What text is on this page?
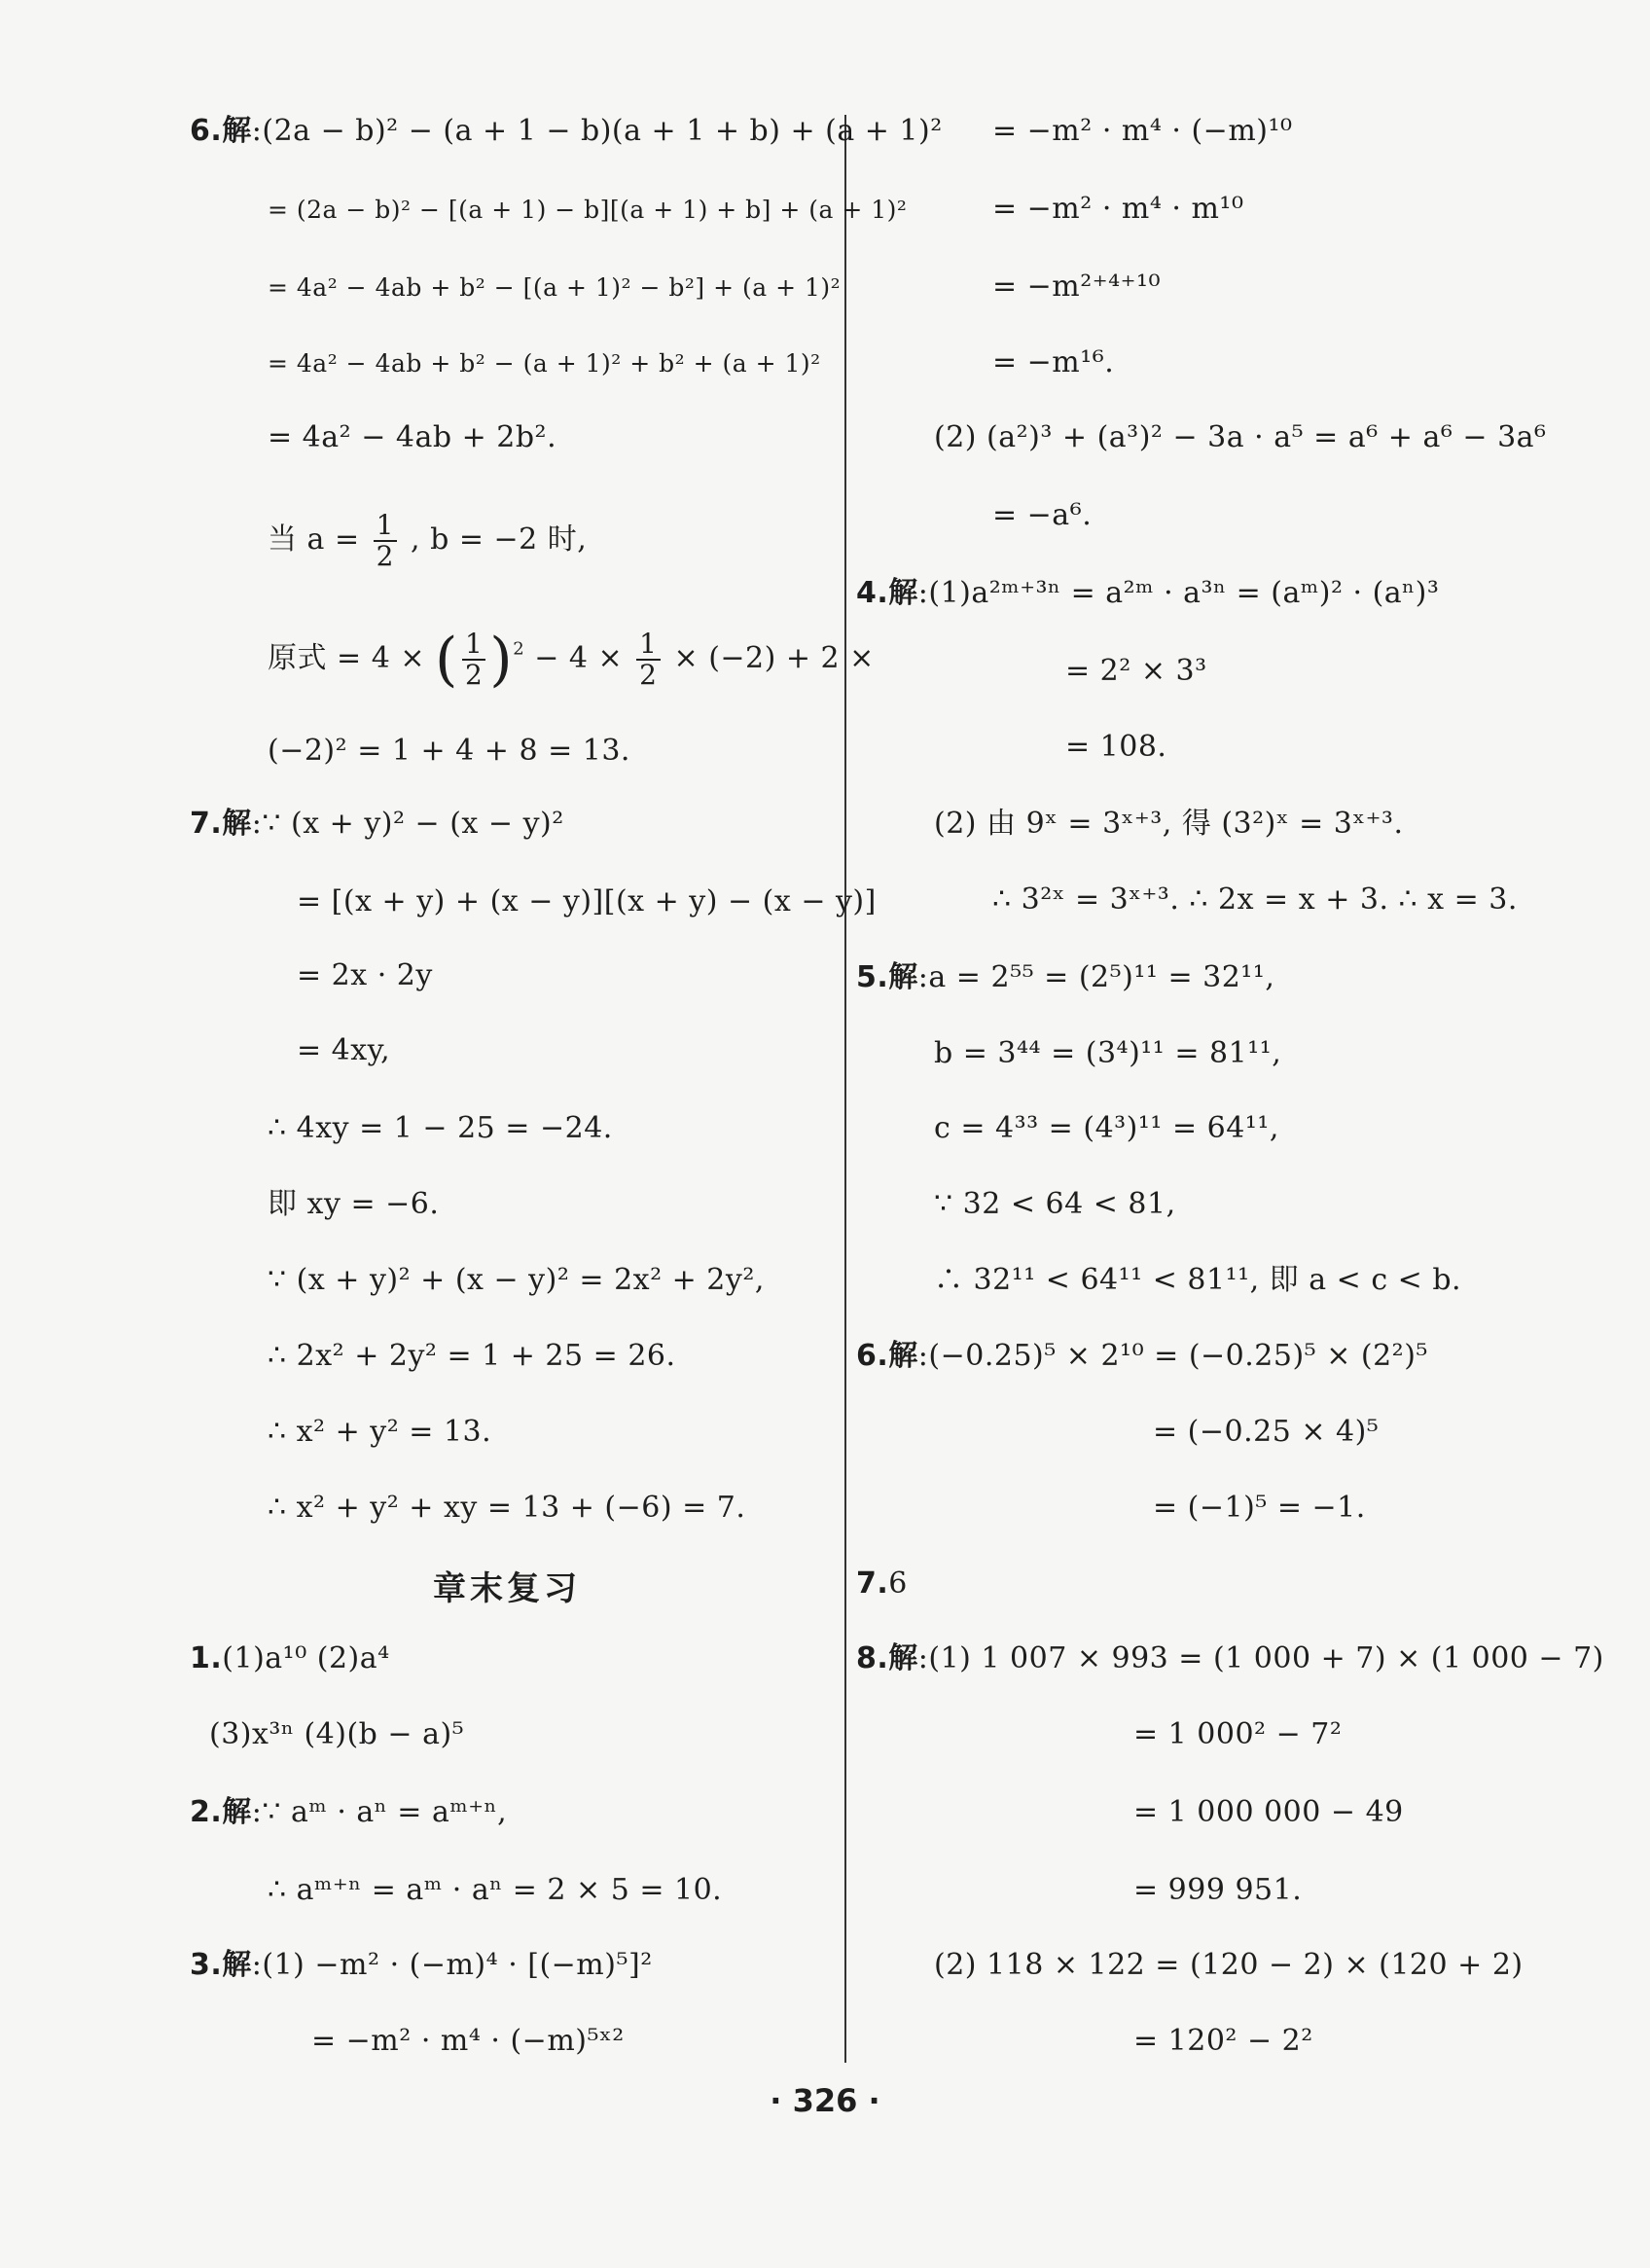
6.解:(2a − b)² − (a + 1 − b)(a + 1 + b) + (a + 1)²
= (2a − b)² − [(a + 1) − b][(a + 1) + b] + (a + 1)²
= 4a² − 4ab + b² − [(a + 1)² − b²] + (a + 1)²
= 4a² − 4ab + b² − (a + 1)² + b² + (a + 1)²
= 4a² − 4ab + 2b².
当 $a = \frac{1}{2}$ , b = −2 时,
原式 = 4 × ( $\frac{1}{2} )^2 - 4 \times \frac{1}{2} \times (-2) + 2$ ×
(−2)² = 1 + 4 + 8 = 13.
7.解:∵ (x + y)² − (x − y)²
= [(x + y) + (x − y)][(x + y) − (x − y)]
= 2x · 2y
= 4xy,
∴ 4xy = 1 − 25 = −24.
即 xy = −6.
∵ (x + y)² + (x − y)² = 2x² + 2y²,
∴ 2x² + 2y² = 1 + 25 = 26.
∴ x² + y² = 13.
∴ x² + y² + xy = 13 + (−6) = 7.
章末复习
1.(1)a¹⁰ (2)a⁴
(3)x³ⁿ (4)(b − a)⁵
2.解:∵ aᵐ · aⁿ = aᵐ⁺ⁿ,
∴ aᵐ⁺ⁿ = aᵐ · aⁿ = 2 × 5 = 10.
3.解:(1) −m² · (−m)⁴ · [(−m)⁵]²
= −m² · m⁴ · (−m)⁵ˣ²
= −m² · m⁴ · (−m)¹⁰
= −m² · m⁴ · m¹⁰
= −m²⁺⁴⁺¹⁰
= −m¹⁶.
(2) (a²)³ + (a³)² − 3a · a⁵ = a⁶ + a⁶ − 3a⁶
= −a⁶.
4.解:(1)a²ᵐ⁺³ⁿ = a²ᵐ · a³ⁿ = (aᵐ)² · (aⁿ)³
= 2² × 3³
= 108.
(2) 由 9ˣ = 3ˣ⁺³, 得 (3²)ˣ = 3ˣ⁺³.
∴ 3²ˣ = 3ˣ⁺³. ∴ 2x = x + 3. ∴ x = 3.
5.解:a = 2⁵⁵ = (2⁵)¹¹ = 32¹¹,
b = 3⁴⁴ = (3⁴)¹¹ = 81¹¹,
c = 4³³ = (4³)¹¹ = 64¹¹,
∵ 32 < 64 < 81,
∴ 32¹¹ < 64¹¹ < 81¹¹, 即 a < c < b.
6.解:(−0.25)⁵ × 2¹⁰ = (−0.25)⁵ × (2²)⁵
= (−0.25 × 4)⁵
= (−1)⁵ = −1.
7.6
8.解:(1) 1 007 × 993 = (1 000 + 7) × (1 000 − 7)
= 1 000² − 7²
= 1 000 000 − 49
= 999 951.
(2) 118 × 122 = (120 − 2) × (120 + 2)
= 120² − 2²
· 326 ·
